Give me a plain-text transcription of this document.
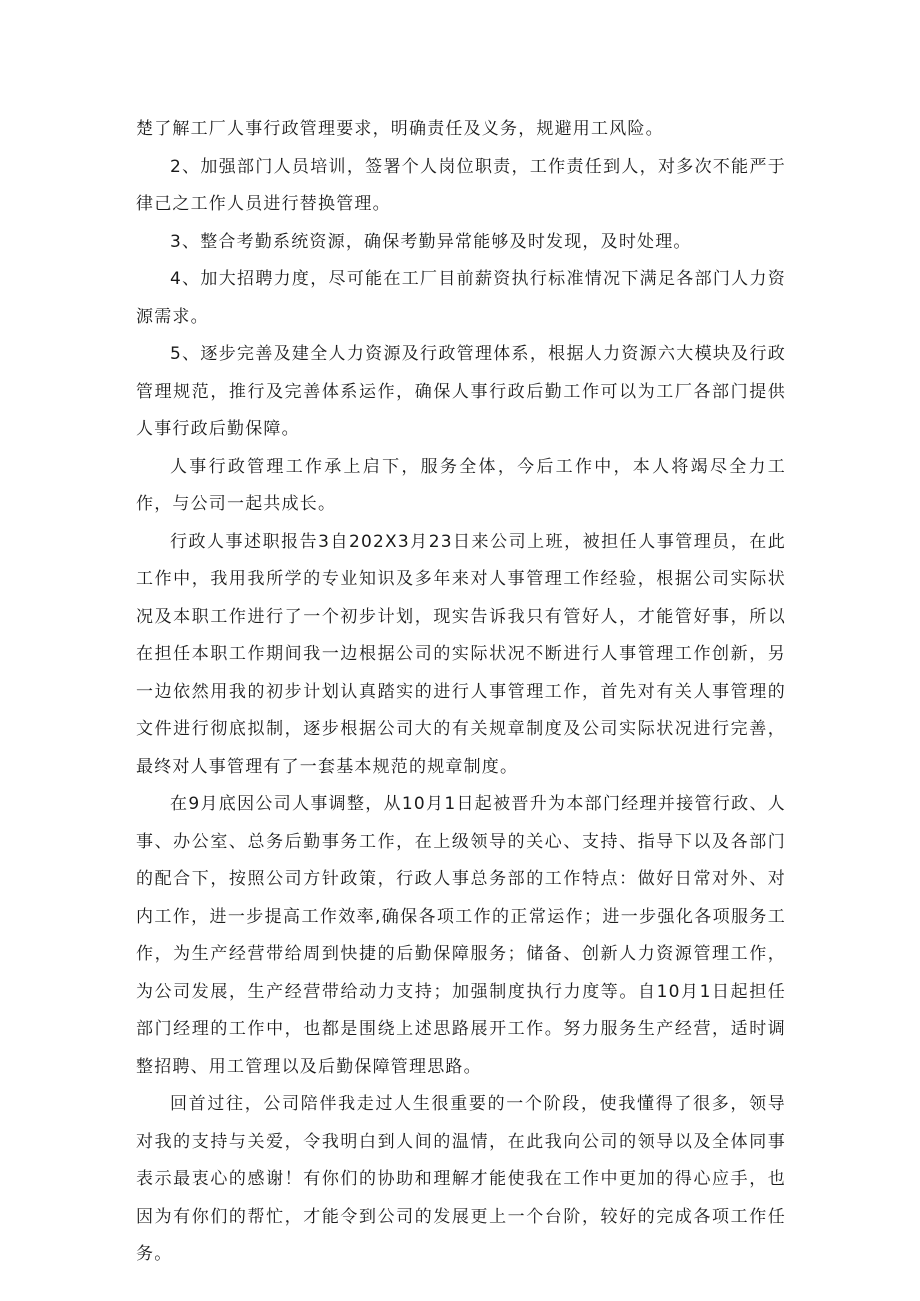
楚了解工厂人事行政管理要求，明确责任及义务，规避用工风险。

2、加强部门人员培训，签署个人岗位职责，工作责任到人，对多次不能严于律己之工作人员进行替换管理。

3、整合考勤系统资源，确保考勤异常能够及时发现，及时处理。

4、加大招聘力度，尽可能在工厂目前薪资执行标准情况下满足各部门人力资源需求。

5、逐步完善及建全人力资源及行政管理体系，根据人力资源六大模块及行政管理规范，推行及完善体系运作，确保人事行政后勤工作可以为工厂各部门提供人事行政后勤保障。

人事行政管理工作承上启下，服务全体，今后工作中，本人将竭尽全力工作，与公司一起共成长。

行政人事述职报告3自202X3月23日来公司上班，被担任人事管理员，在此工作中，我用我所学的专业知识及多年来对人事管理工作经验，根据公司实际状况及本职工作进行了一个初步计划，现实告诉我只有管好人，才能管好事，所以在担任本职工作期间我一边根据公司的实际状况不断进行人事管理工作创新，另一边依然用我的初步计划认真踏实的进行人事管理工作，首先对有关人事管理的文件进行彻底拟制，逐步根据公司大的有关规章制度及公司实际状况进行完善，最终对人事管理有了一套基本规范的规章制度。

在9月底因公司人事调整，从10月1日起被晋升为本部门经理并接管行政、人事、办公室、总务后勤事务工作，在上级领导的关心、支持、指导下以及各部门的配合下，按照公司方针政策，行政人事总务部的工作特点：做好日常对外、对内工作，进一步提高工作效率,确保各项工作的正常运作；进一步强化各项服务工作，为生产经营带给周到快捷的后勤保障服务；储备、创新人力资源管理工作，为公司发展，生产经营带给动力支持；加强制度执行力度等。自10月1日起担任部门经理的工作中，也都是围绕上述思路展开工作。努力服务生产经营，适时调整招聘、用工管理以及后勤保障管理思路。

回首过往，公司陪伴我走过人生很重要的一个阶段，使我懂得了很多，领导对我的支持与关爱，令我明白到人间的温情，在此我向公司的领导以及全体同事表示最衷心的感谢！有你们的协助和理解才能使我在工作中更加的得心应手，也因为有你们的帮忙，才能令到公司的发展更上一个台阶，较好的完成各项工作任务。
